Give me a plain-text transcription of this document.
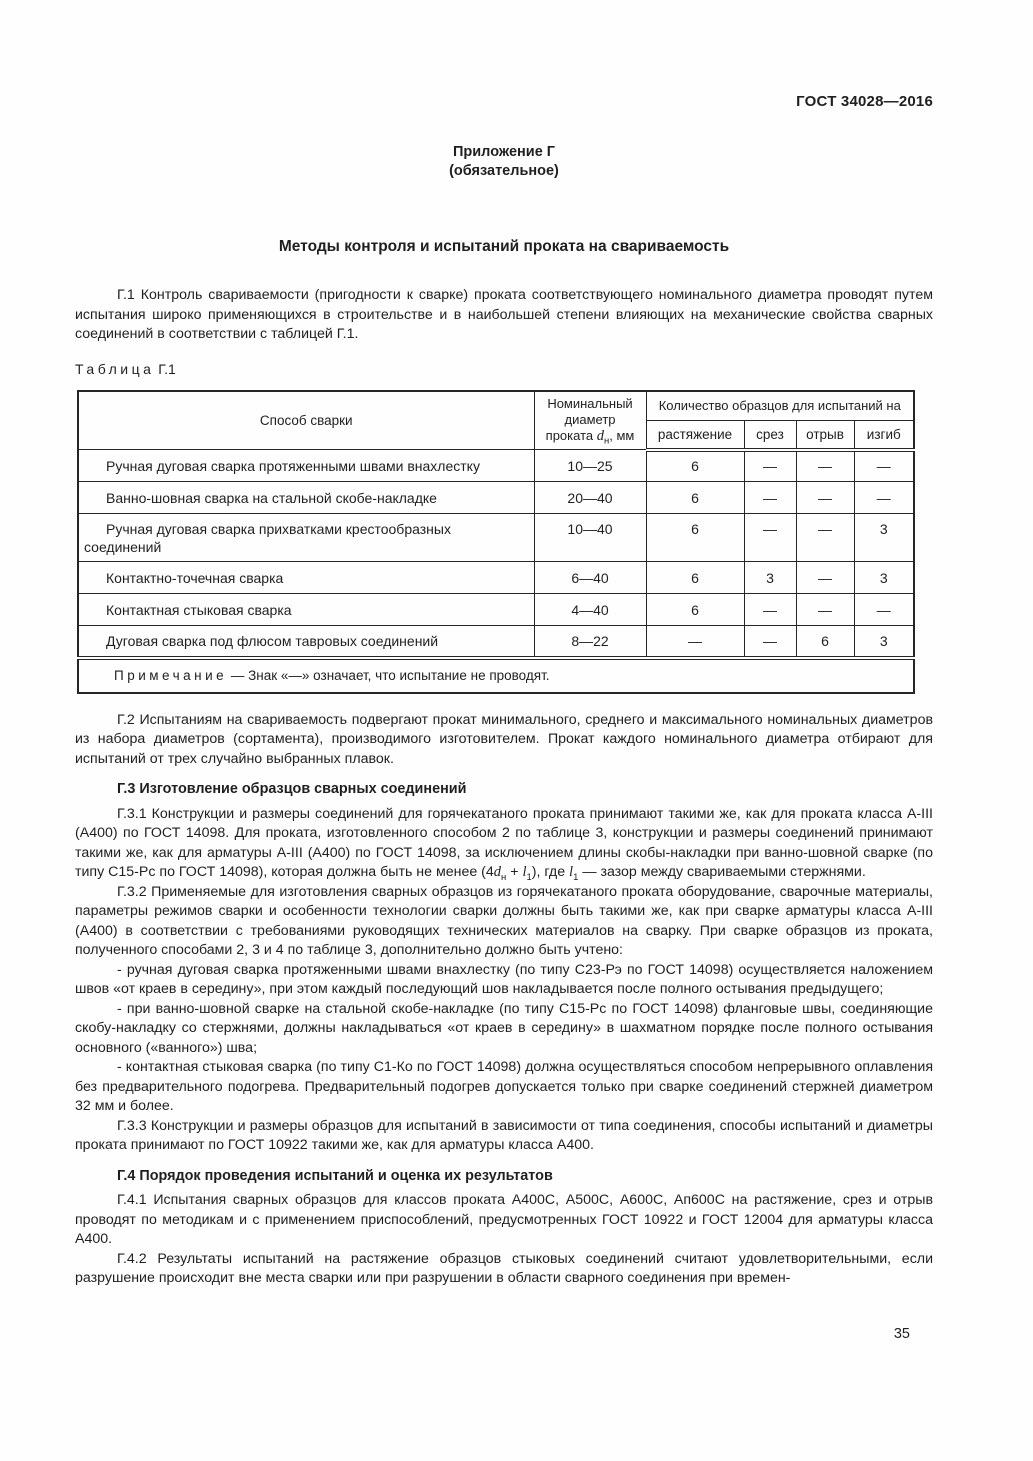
ГОСТ 34028—2016
Приложение Г
(обязательное)
Методы контроля и испытаний проката на свариваемость

Г.1 Контроль свариваемости (пригодности к сварке) проката соответствующего номинального диаметра проводят путем испытания широко применяющихся в строительстве и в наибольшей степени влияющих на механические свойства сварных соединений в соответствии с таблицей Г.1.

Таблица Г.1
Способ сварки	Номинальный
диаметр
проката $d_н$, мм	Количество образцов для испытаний на			
		растяжение	срез	отрыв	изгиб
Ручная дуговая сварка протяженными швами внахлестку	10—25	6	—	—	—
Ванно-шовная сварка на стальной скобе-накладке	20—40	6	—	—	—
Ручная дуговая сварка прихватками крестообразных соединений	10—40	6	—	—	3
Контактно-точечная сварка	6—40	6	3	—	3
Контактная стыковая сварка	4—40	6	—	—	—
Дуговая сварка под флюсом тавровых соединений	8—22	—	—	6	3
Примечание — Знак «—» означает, что испытание не проводят.					

Г.2 Испытаниям на свариваемость подвергают прокат минимального, среднего и максимального номинальных диаметров из набора диаметров (сортамента), производимого изготовителем. Прокат каждого номинального диаметра отбирают для испытаний от трех случайно выбранных плавок.

Г.3 Изготовление образцов сварных соединений

Г.3.1 Конструкции и размеры соединений для горячекатаного проката принимают такими же, как для проката класса А-III (А400) по ГОСТ 14098. Для проката, изготовленного способом 2 по таблице 3, конструкции и размеры соединений принимают такими же, как для арматуры А-III (А400) по ГОСТ 14098, за исключением длины скобы-накладки при ванно-шовной сварке (по типу С15-Рс по ГОСТ 14098), которая должна быть не менее $(4d_н + l_1)$, где $l_1$ — зазор между свариваемыми стержнями.

Г.3.2 Применяемые для изготовления сварных образцов из горячекатаного проката оборудование, сварочные материалы, параметры режимов сварки и особенности технологии сварки должны быть такими же, как при сварке арматуры класса А-III (А400) в соответствии с требованиями руководящих технических материалов на сварку. При сварке образцов из проката, полученного способами 2, 3 и 4 по таблице 3, дополнительно должно быть учтено:

- ручная дуговая сварка протяженными швами внахлестку (по типу С23-Рэ по ГОСТ 14098) осуществляется наложением швов «от краев в середину», при этом каждый последующий шов накладывается после полного остывания предыдущего;

- при ванно-шовной сварке на стальной скобе-накладке (по типу С15-Рс по ГОСТ 14098) фланговые швы, соединяющие скобу-накладку со стержнями, должны накладываться «от краев в середину» в шахматном порядке после полного остывания основного («ванного») шва;

- контактная стыковая сварка (по типу С1-Ко по ГОСТ 14098) должна осуществляться способом непрерывного оплавления без предварительного подогрева. Предварительный подогрев допускается только при сварке соединений стержней диаметром 32 мм и более.

Г.3.3 Конструкции и размеры образцов для испытаний в зависимости от типа соединения, способы испытаний и диаметры проката принимают по ГОСТ 10922 такими же, как для арматуры класса А400.

Г.4 Порядок проведения испытаний и оценка их результатов

Г.4.1 Испытания сварных образцов для классов проката А400С, А500С, А600С, Ап600С на растяжение, срез и отрыв проводят по методикам и с применением приспособлений, предусмотренных ГОСТ 10922 и ГОСТ 12004 для арматуры класса А400.

Г.4.2 Результаты испытаний на растяжение образцов стыковых соединений считают удовлетворительными, если разрушение происходит вне места сварки или при разрушении в области сварного соединения при времен-

35
